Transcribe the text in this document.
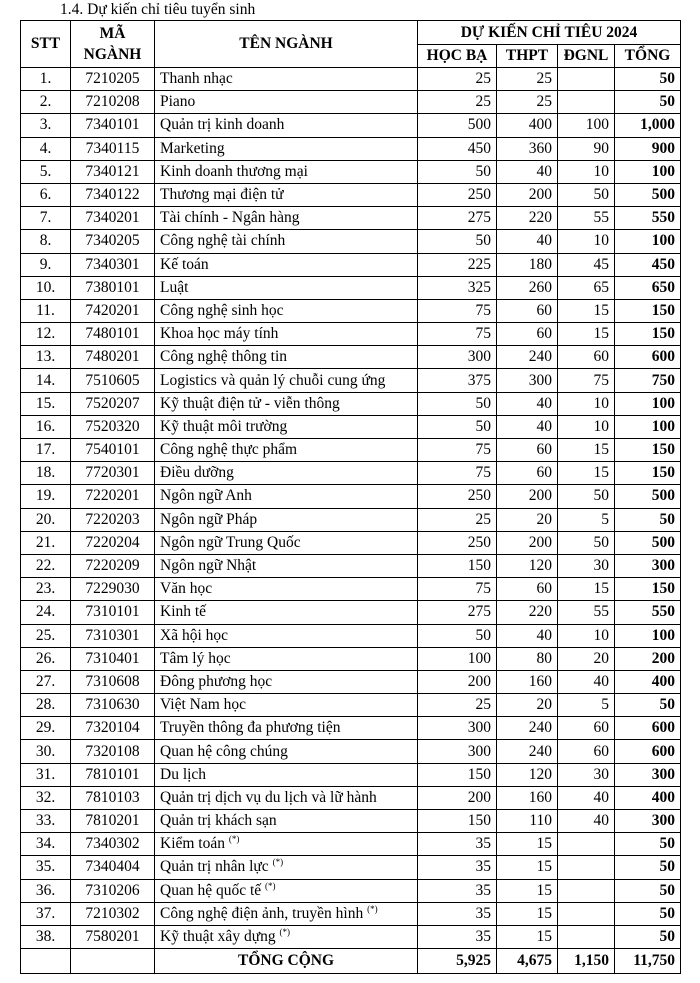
1.4. Dự kiến chỉ tiêu tuyển sinh
STT	MÃ NGÀNH	TÊN NGÀNH	DỰ KIẾN CHỈ TIÊU 2024			
			HỌC BẠ	THPT	ĐGNL	TỔNG
1.	7210205	Thanh nhạc	25	25		50
2.	7210208	Piano	25	25		50
3.	7340101	Quản trị kinh doanh	500	400	100	1,000
4.	7340115	Marketing	450	360	90	900
5.	7340121	Kinh doanh thương mại	50	40	10	100
6.	7340122	Thương mại điện tử	250	200	50	500
7.	7340201	Tài chính - Ngân hàng	275	220	55	550
8.	7340205	Công nghệ tài chính	50	40	10	100
9.	7340301	Kế toán	225	180	45	450
10.	7380101	Luật	325	260	65	650
11.	7420201	Công nghệ sinh học	75	60	15	150
12.	7480101	Khoa học máy tính	75	60	15	150
13.	7480201	Công nghệ thông tin	300	240	60	600
14.	7510605	Logistics và quản lý chuỗi cung ứng	375	300	75	750
15.	7520207	Kỹ thuật điện tử - viễn thông	50	40	10	100
16.	7520320	Kỹ thuật môi trường	50	40	10	100
17.	7540101	Công nghệ thực phẩm	75	60	15	150
18.	7720301	Điều dưỡng	75	60	15	150
19.	7220201	Ngôn ngữ Anh	250	200	50	500
20.	7220203	Ngôn ngữ Pháp	25	20	5	50
21.	7220204	Ngôn ngữ Trung Quốc	250	200	50	500
22.	7220209	Ngôn ngữ Nhật	150	120	30	300
23.	7229030	Văn học	75	60	15	150
24.	7310101	Kinh tế	275	220	55	550
25.	7310301	Xã hội học	50	40	10	100
26.	7310401	Tâm lý học	100	80	20	200
27.	7310608	Đông phương học	200	160	40	400
28.	7310630	Việt Nam học	25	20	5	50
29.	7320104	Truyền thông đa phương tiện	300	240	60	600
30.	7320108	Quan hệ công chúng	300	240	60	600
31.	7810101	Du lịch	150	120	30	300
32.	7810103	Quản trị dịch vụ du lịch và lữ hành	200	160	40	400
33.	7810201	Quản trị khách sạn	150	110	40	300
34.	7340302	Kiểm toán (*)	35	15		50
35.	7340404	Quản trị nhân lực (*)	35	15		50
36.	7310206	Quan hệ quốc tế (*)	35	15		50
37.	7210302	Công nghệ điện ảnh, truyền hình (*)	35	15		50
38.	7580201	Kỹ thuật xây dựng (*)	35	15		50
		TỔNG CỘNG	5,925	4,675	1,150	11,750
